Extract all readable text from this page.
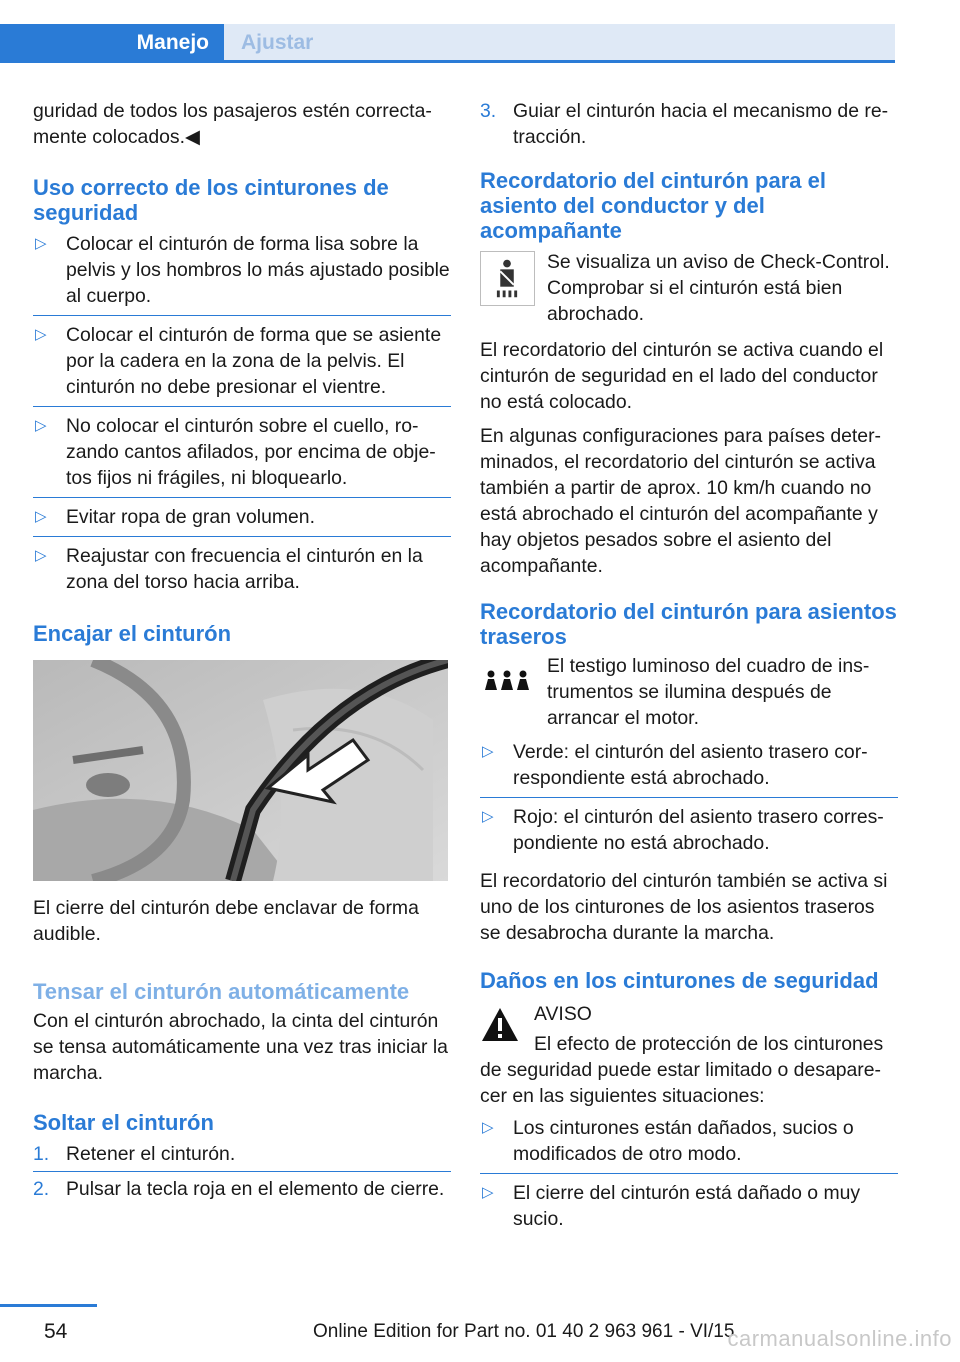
Manejo Ajustar

guridad de todos los pasajeros estén correctamente colocados.◀

Uso correcto de los cinturones de seguridad
▷ Colocar el cinturón de forma lisa sobre la pelvis y los hombros lo más ajustado posible al cuerpo.
▷ Colocar el cinturón de forma que se asiente por la cadera en la zona de la pelvis. El cinturón no debe presionar el vientre.
▷ No colocar el cinturón sobre el cuello, rozando cantos afilados, por encima de objetos fijos ni frágiles, ni bloquearlo.
▷ Evitar ropa de gran volumen.
▷ Reajustar con frecuencia el cinturón en la zona del torso hacia arriba.
Encajar el cinturón

El cierre del cinturón debe enclavar de forma audible.

Tensar el cinturón automáticamente

Con el cinturón abrochado, la cinta del cinturón se tensa automáticamente una vez tras iniciar la marcha.

Soltar el cinturón
1. Retener el cinturón.
2. Pulsar la tecla roja en el elemento de cierre.
3. Guiar el cinturón hacia el mecanismo de retracción.
Recordatorio del cinturón para el asiento del conductor y del acompañante

Se visualiza un aviso de Check-Control. Comprobar si el cinturón está bien abrochado.

El recordatorio del cinturón se activa cuando el cinturón de seguridad en el lado del conductor no está colocado.

En algunas configuraciones para países determinados, el recordatorio del cinturón se activa también a partir de aprox. 10 km/h cuando no está abrochado el cinturón del acompañante y hay objetos pesados sobre el asiento del acompañante.

Recordatorio del cinturón para asientos traseros

El testigo luminoso del cuadro de instrumentos se ilumina después de arrancar el motor.

▷ Verde: el cinturón del asiento trasero correspondiente está abrochado.
▷ Rojo: el cinturón del asiento trasero correspondiente no está abrochado.

El recordatorio del cinturón también se activa si uno de los cinturones de los asientos traseros se desabrocha durante la marcha.

Daños en los cinturones de seguridad

AVISO

El efecto de protección de los cinturones de seguridad puede estar limitado o desaparecer en las siguientes situaciones:

▷ Los cinturones están dañados, sucios o modificados de otro modo.
▷ El cierre del cinturón está dañado o muy sucio.
54	Online Edition for Part no. 01 40 2 963 961 - VI/15
carmanualsonline.info
